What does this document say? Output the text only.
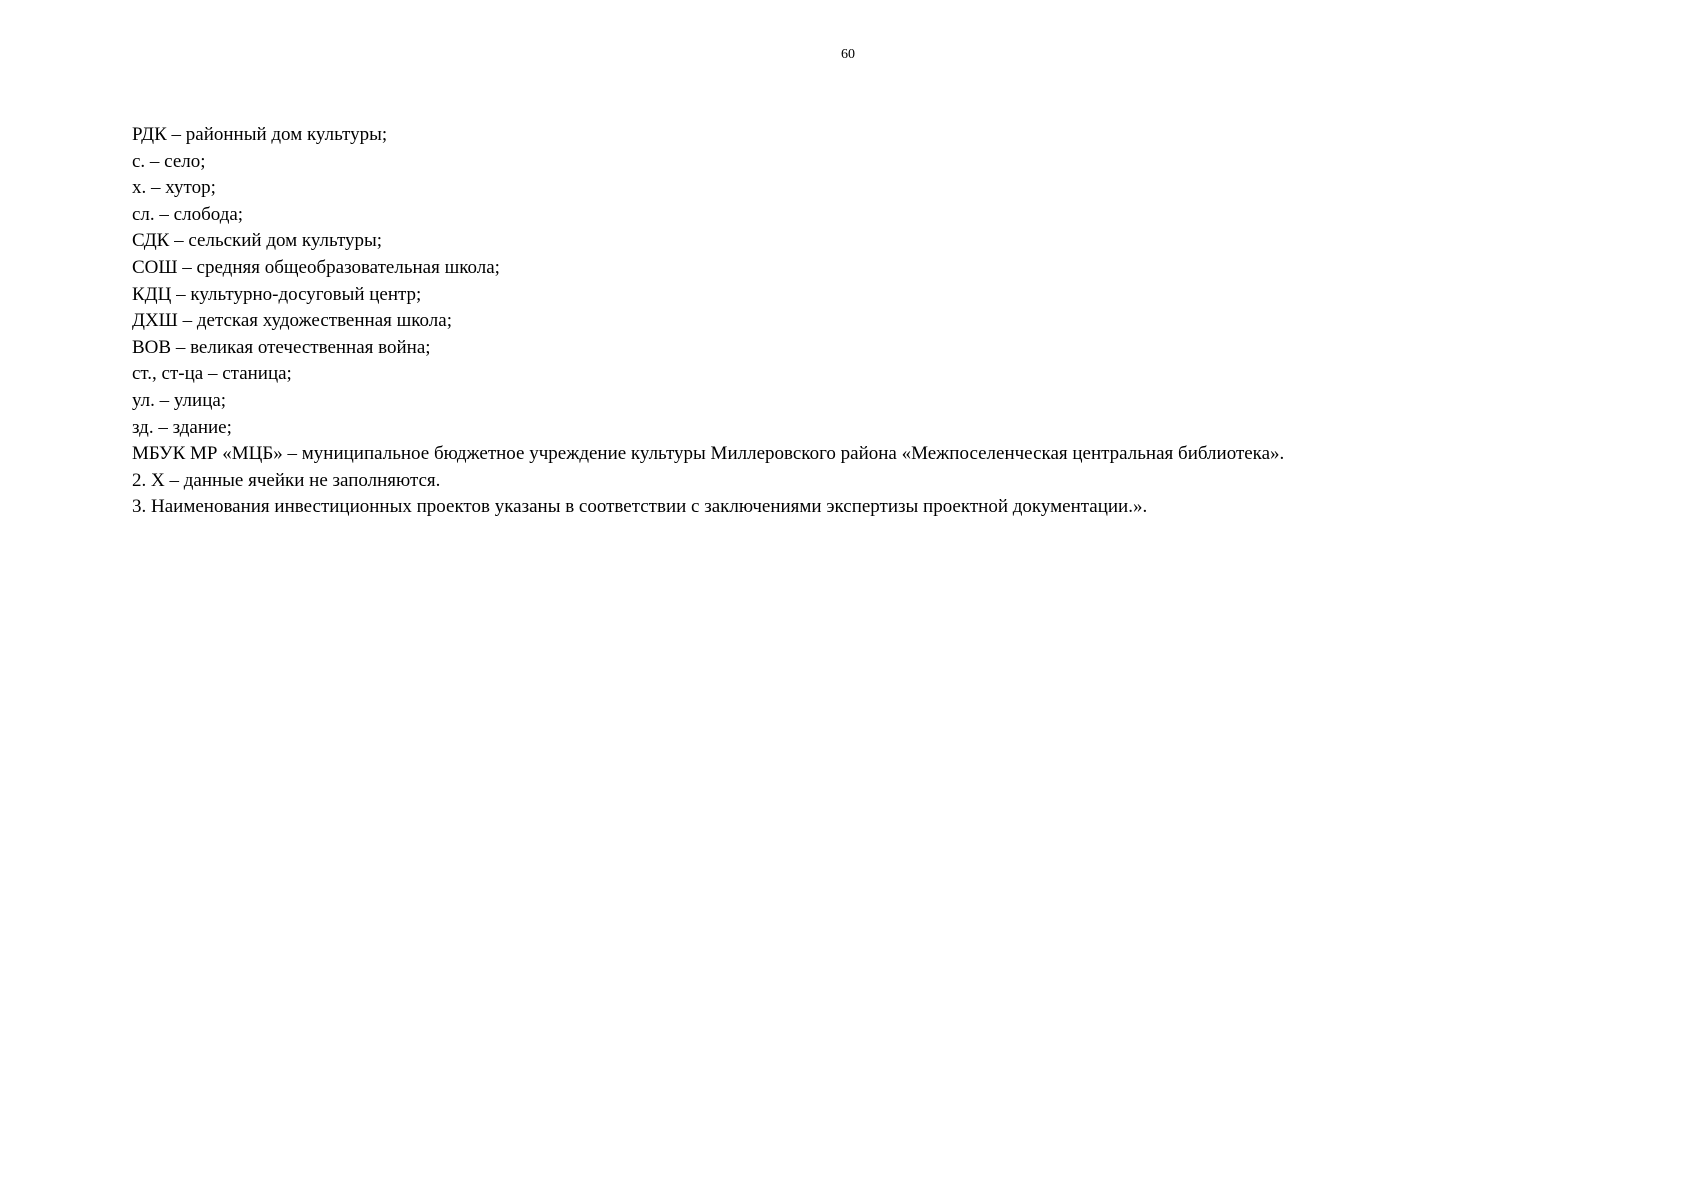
60
РДК – районный дом культуры;
с. – село;
х. – хутор;
сл. – слобода;
СДК – сельский дом культуры;
СОШ – средняя общеобразовательная школа;
КДЦ – культурно-досуговый центр;
ДХШ – детская художественная школа;
ВОВ – великая отечественная война;
ст., ст-ца – станица;
ул. – улица;
зд. – здание;
МБУК МР «МЦБ» – муниципальное бюджетное учреждение культуры Миллеровского района «Межпоселенческая центральная библиотека».
2. Х – данные ячейки не заполняются.
3. Наименования инвестиционных проектов указаны в соответствии с заключениями экспертизы проектной документации.».
